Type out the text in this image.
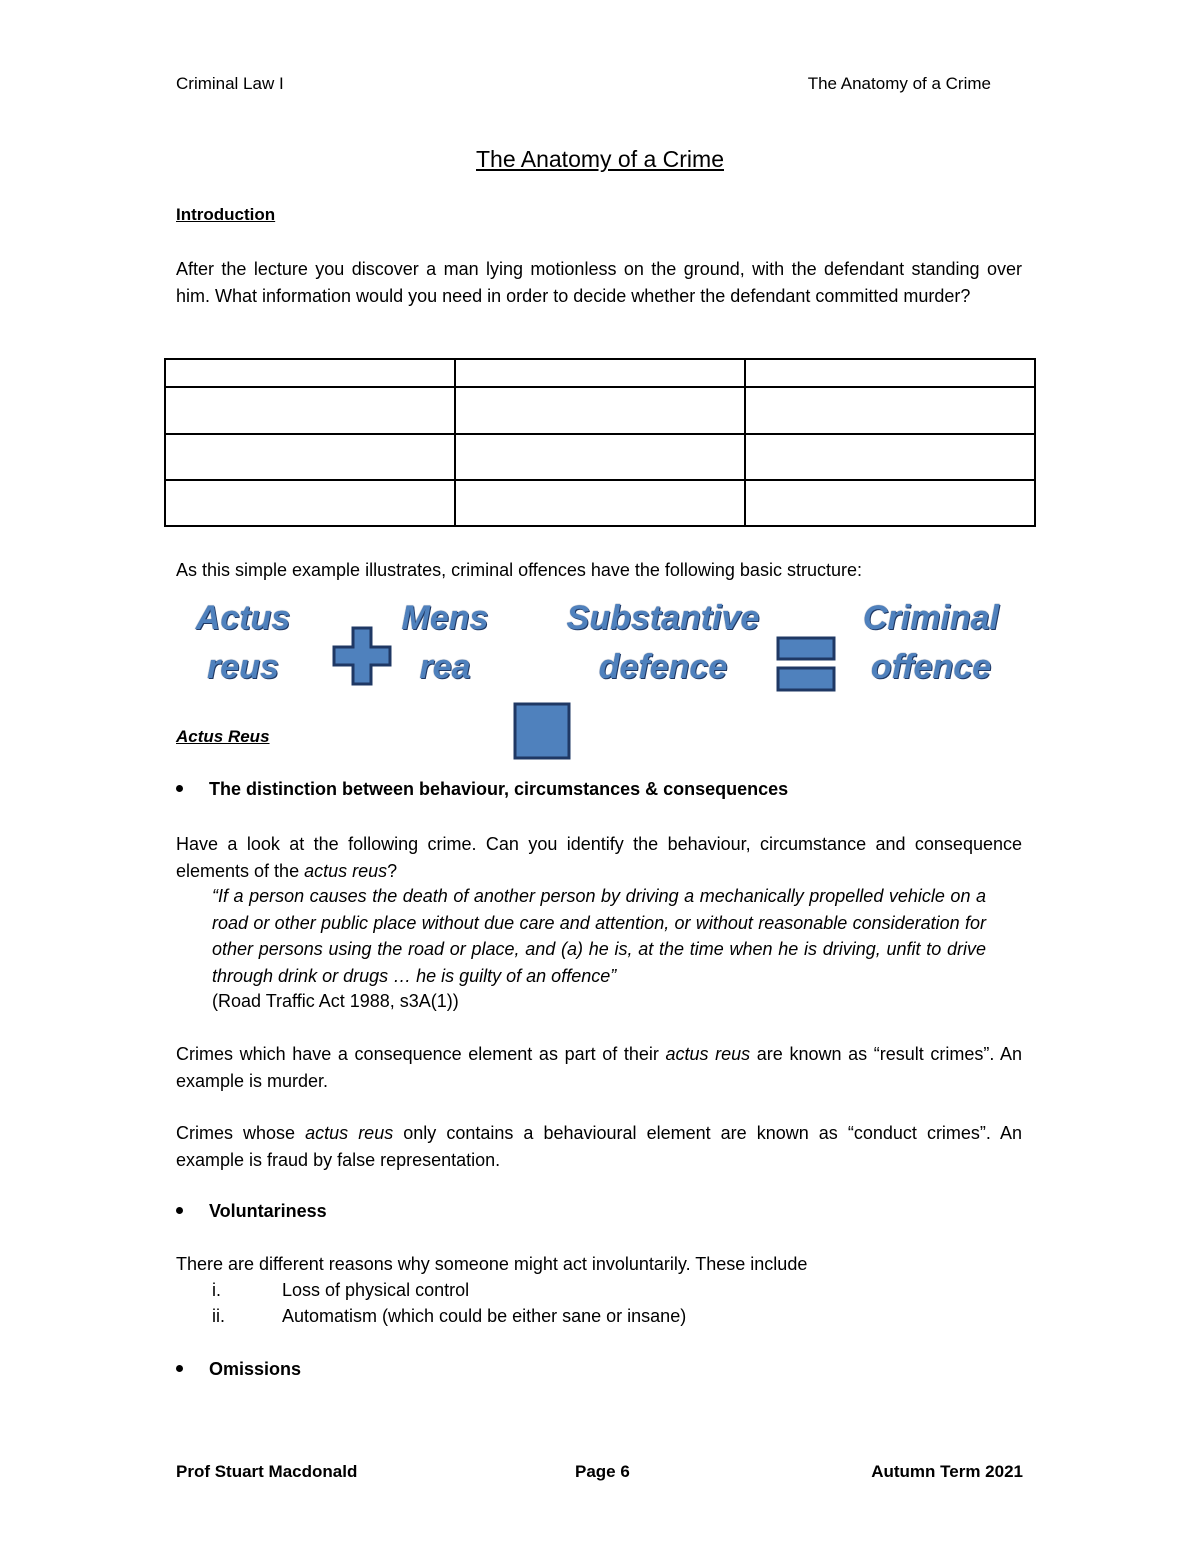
Criminal Law I	The Anatomy of a Crime
The Anatomy of a Crime
Introduction
After the lecture you discover a man lying motionless on the ground, with the defendant standing over him. What information would you need in order to decide whether the defendant committed murder?

As this simple example illustrates, criminal offences have the following basic structure:
Actus
reus
Mens
rea
Substantive
defence
Criminal
offence
Actus Reus
The distinction between behaviour, circumstances & consequences
Have a look at the following crime. Can you identify the behaviour, circumstance and consequence elements of the actus reus?
“If a person causes the death of another person by driving a mechanically propelled vehicle on a road or other public place without due care and attention, or without reasonable consideration for other persons using the road or place, and (a) he is, at the time when he is driving, unfit to drive through drink or drugs … he is guilty of an offence”
(Road Traffic Act 1988, s3A(1))
Crimes which have a consequence element as part of their actus reus are known as “result crimes”. An example is murder.
Crimes whose actus reus only contains a behavioural element are known as “conduct crimes”. An example is fraud by false representation.
Voluntariness
There are different reasons why someone might act involuntarily. These include
i.	Loss of physical control
ii.	Automatism (which could be either sane or insane)
Omissions
Prof Stuart Macdonald	Page 6	Autumn Term 2021
